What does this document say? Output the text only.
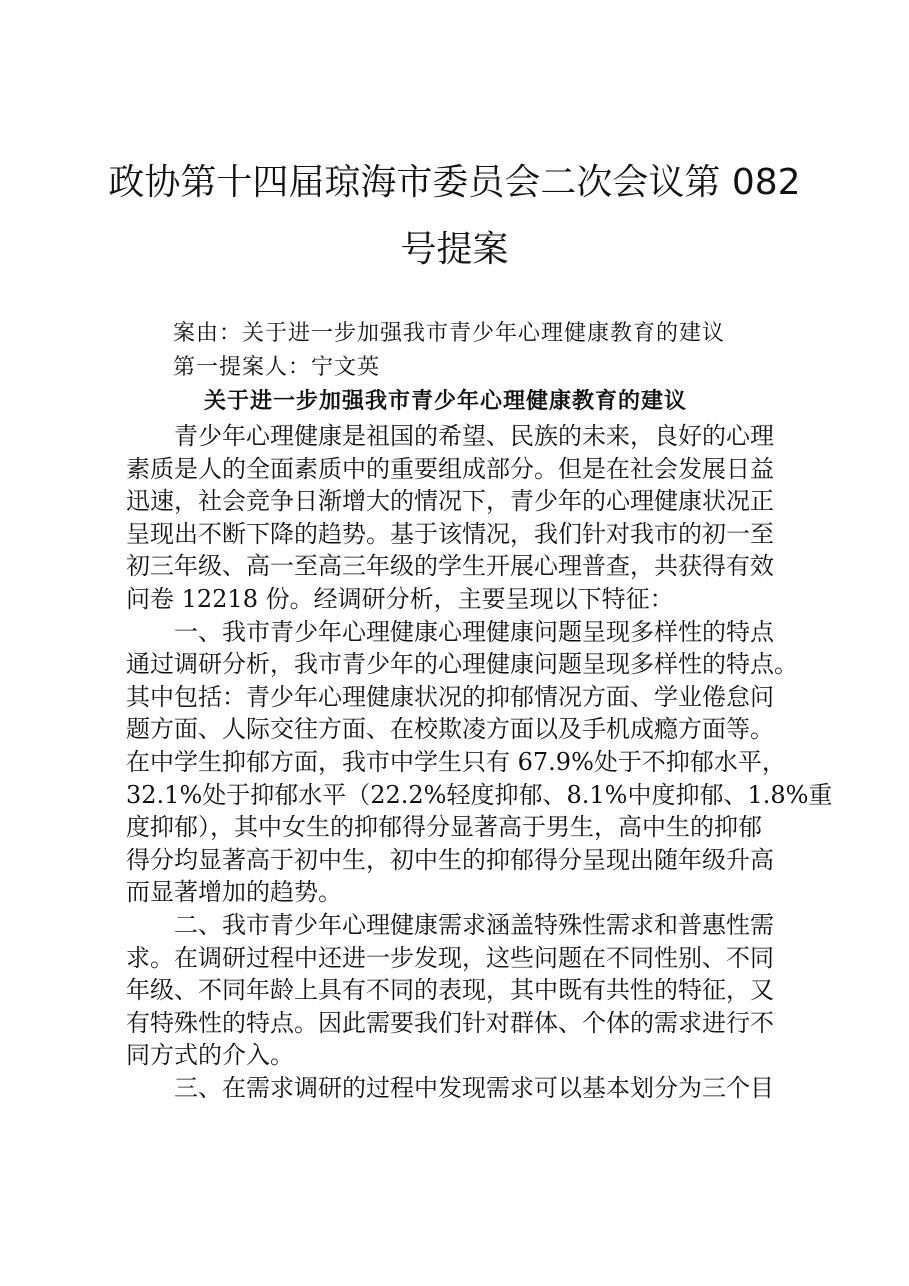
政协第十四届琼海市委员会二次会议第 082
号提案
案由：关于进一步加强我市青少年心理健康教育的建议
第一提案人：宁文英
关于进一步加强我市青少年心理健康教育的建议
青少年心理健康是祖国的希望、民族的未来，良好的心理
素质是人的全面素质中的重要组成部分。但是在社会发展日益
迅速，社会竞争日渐增大的情况下，青少年的心理健康状况正
呈现出不断下降的趋势。基于该情况，我们针对我市的初一至
初三年级、高一至高三年级的学生开展心理普查，共获得有效
问卷 12218 份。经调研分析，主要呈现以下特征：
一、我市青少年心理健康心理健康问题呈现多样性的特点
通过调研分析，我市青少年的心理健康问题呈现多样性的特点。
其中包括：青少年心理健康状况的抑郁情况方面、学业倦怠问
题方面、人际交往方面、在校欺凌方面以及手机成瘾方面等。
在中学生抑郁方面，我市中学生只有 67.9%处于不抑郁水平，
32.1%处于抑郁水平（22.2%轻度抑郁、8.1%中度抑郁、1.8%重
度抑郁），其中女生的抑郁得分显著高于男生，高中生的抑郁
得分均显著高于初中生，初中生的抑郁得分呈现出随年级升高
而显著增加的趋势。
二、我市青少年心理健康需求涵盖特殊性需求和普惠性需
求。在调研过程中还进一步发现，这些问题在不同性别、不同
年级、不同年龄上具有不同的表现，其中既有共性的特征，又
有特殊性的特点。因此需要我们针对群体、个体的需求进行不
同方式的介入。
三、在需求调研的过程中发现需求可以基本划分为三个目
